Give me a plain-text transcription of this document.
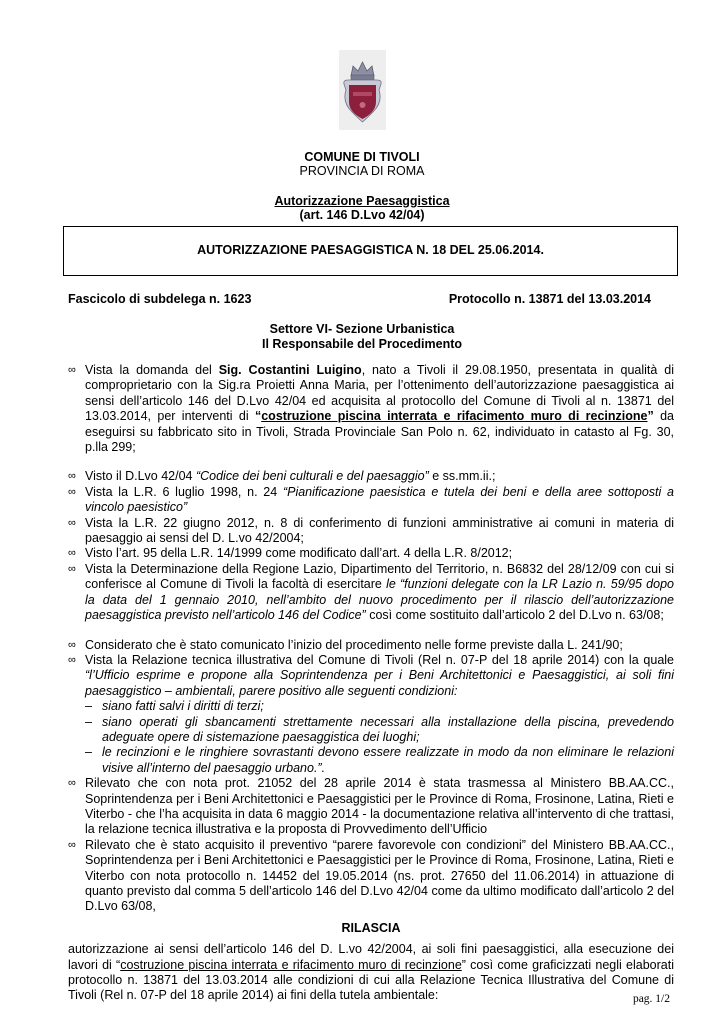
COMUNE DI TIVOLI
PROVINCIA DI ROMA
Autorizzazione Paesaggistica
(art. 146 D.Lvo 42/04)
AUTORIZZAZIONE PAESAGGISTICA N. 18 DEL 25.06.2014.
Fascicolo di subdelega n. 1623	Protocollo n. 13871 del 13.03.2014
Settore VI- Sezione Urbanistica
Il Responsabile del Procedimento
∞ Vista la domanda del Sig. Costantini Luigino, nato a Tivoli il 29.08.1950, presentata in qualità di comproprietario con la Sig.ra Proietti Anna Maria, per l’ottenimento dell’autorizzazione paesaggistica ai sensi dell’articolo 146 del D.Lvo 42/04 ed acquisita al protocollo del Comune di Tivoli al n. 13871 del 13.03.2014, per interventi di “costruzione piscina interrata e rifacimento muro di recinzione” da eseguirsi su fabbricato sito in Tivoli, Strada Provinciale San Polo n. 62, individuato in catasto al Fg. 30, p.lla 299;
∞ Visto il D.Lvo 42/04 “Codice dei beni culturali e del paesaggio” e ss.mm.ii.;
∞ Vista la L.R. 6 luglio 1998, n. 24 “Pianificazione paesistica e tutela dei beni e della aree sottoposti a vincolo paesistico”
∞ Vista la L.R. 22 giugno 2012, n. 8 di conferimento di funzioni amministrative ai comuni in materia di paesaggio ai sensi del D. L.vo 42/2004;
∞ Visto l’art. 95 della L.R. 14/1999 come modificato dall’art. 4 della L.R. 8/2012;
∞ Vista la Determinazione della Regione Lazio, Dipartimento del Territorio, n. B6832 del 28/12/09 con cui si conferisce al Comune di Tivoli la facoltà di esercitare le “funzioni delegate con la LR Lazio n. 59/95 dopo la data del 1 gennaio 2010, nell’ambito del nuovo procedimento per il rilascio dell’autorizzazione paesaggistica previsto nell’articolo 146 del Codice” così come sostituito dall’articolo 2 del D.Lvo n. 63/08;
∞ Considerato che è stato comunicato l’inizio del procedimento nelle forme previste dalla L. 241/90;
∞ Vista la Relazione tecnica illustrativa del Comune di Tivoli (Rel n. 07-P del 18 aprile 2014) con la quale “l’Ufficio esprime e propone alla Soprintendenza per i Beni Architettonici e Paesaggistici, ai soli fini paesaggistico – ambientali, parere positivo alle seguenti condizioni:
– siano fatti salvi i diritti di terzi;
– siano operati gli sbancamenti strettamente necessari alla installazione della piscina, prevedendo adeguate opere di sistemazione paesaggistica dei luoghi;
– le recinzioni e le ringhiere sovrastanti devono essere realizzate in modo da non eliminare le relazioni visive all’interno del paesaggio urbano.”.
∞ Rilevato che con nota prot. 21052 del 28 aprile 2014 è stata trasmessa al Ministero BB.AA.CC., Soprintendenza per i Beni Architettonici e Paesaggistici per le Province di Roma, Frosinone, Latina, Rieti e Viterbo - che l’ha acquisita in data 6 maggio 2014 - la documentazione relativa all’intervento di che trattasi, la relazione tecnica illustrativa e la proposta di Provvedimento dell’Ufficio
∞ Rilevato che è stato acquisito il preventivo “parere favorevole con condizioni” del Ministero BB.AA.CC., Soprintendenza per i Beni Architettonici e Paesaggistici per le Province di Roma, Frosinone, Latina, Rieti e Viterbo con nota protocollo n. 14452 del 19.05.2014 (ns. prot. 27650 del 11.06.2014) in attuazione di quanto previsto dal comma 5 dell’articolo 146 del D.Lvo 42/04 come da ultimo modificato dall’articolo 2 del D.Lvo 63/08,
RILASCIA
autorizzazione ai sensi dell’articolo 146 del D. L.vo 42/2004, ai soli fini paesaggistici, alla esecuzione dei lavori di “costruzione piscina interrata e rifacimento muro di recinzione” così come graficizzati negli elaborati protocollo n. 13871 del 13.03.2014 alle condizioni di cui alla Relazione Tecnica Illustrativa del Comune di Tivoli (Rel n. 07-P del 18 aprile 2014) ai fini della tutela ambientale:	pag. 1/2
